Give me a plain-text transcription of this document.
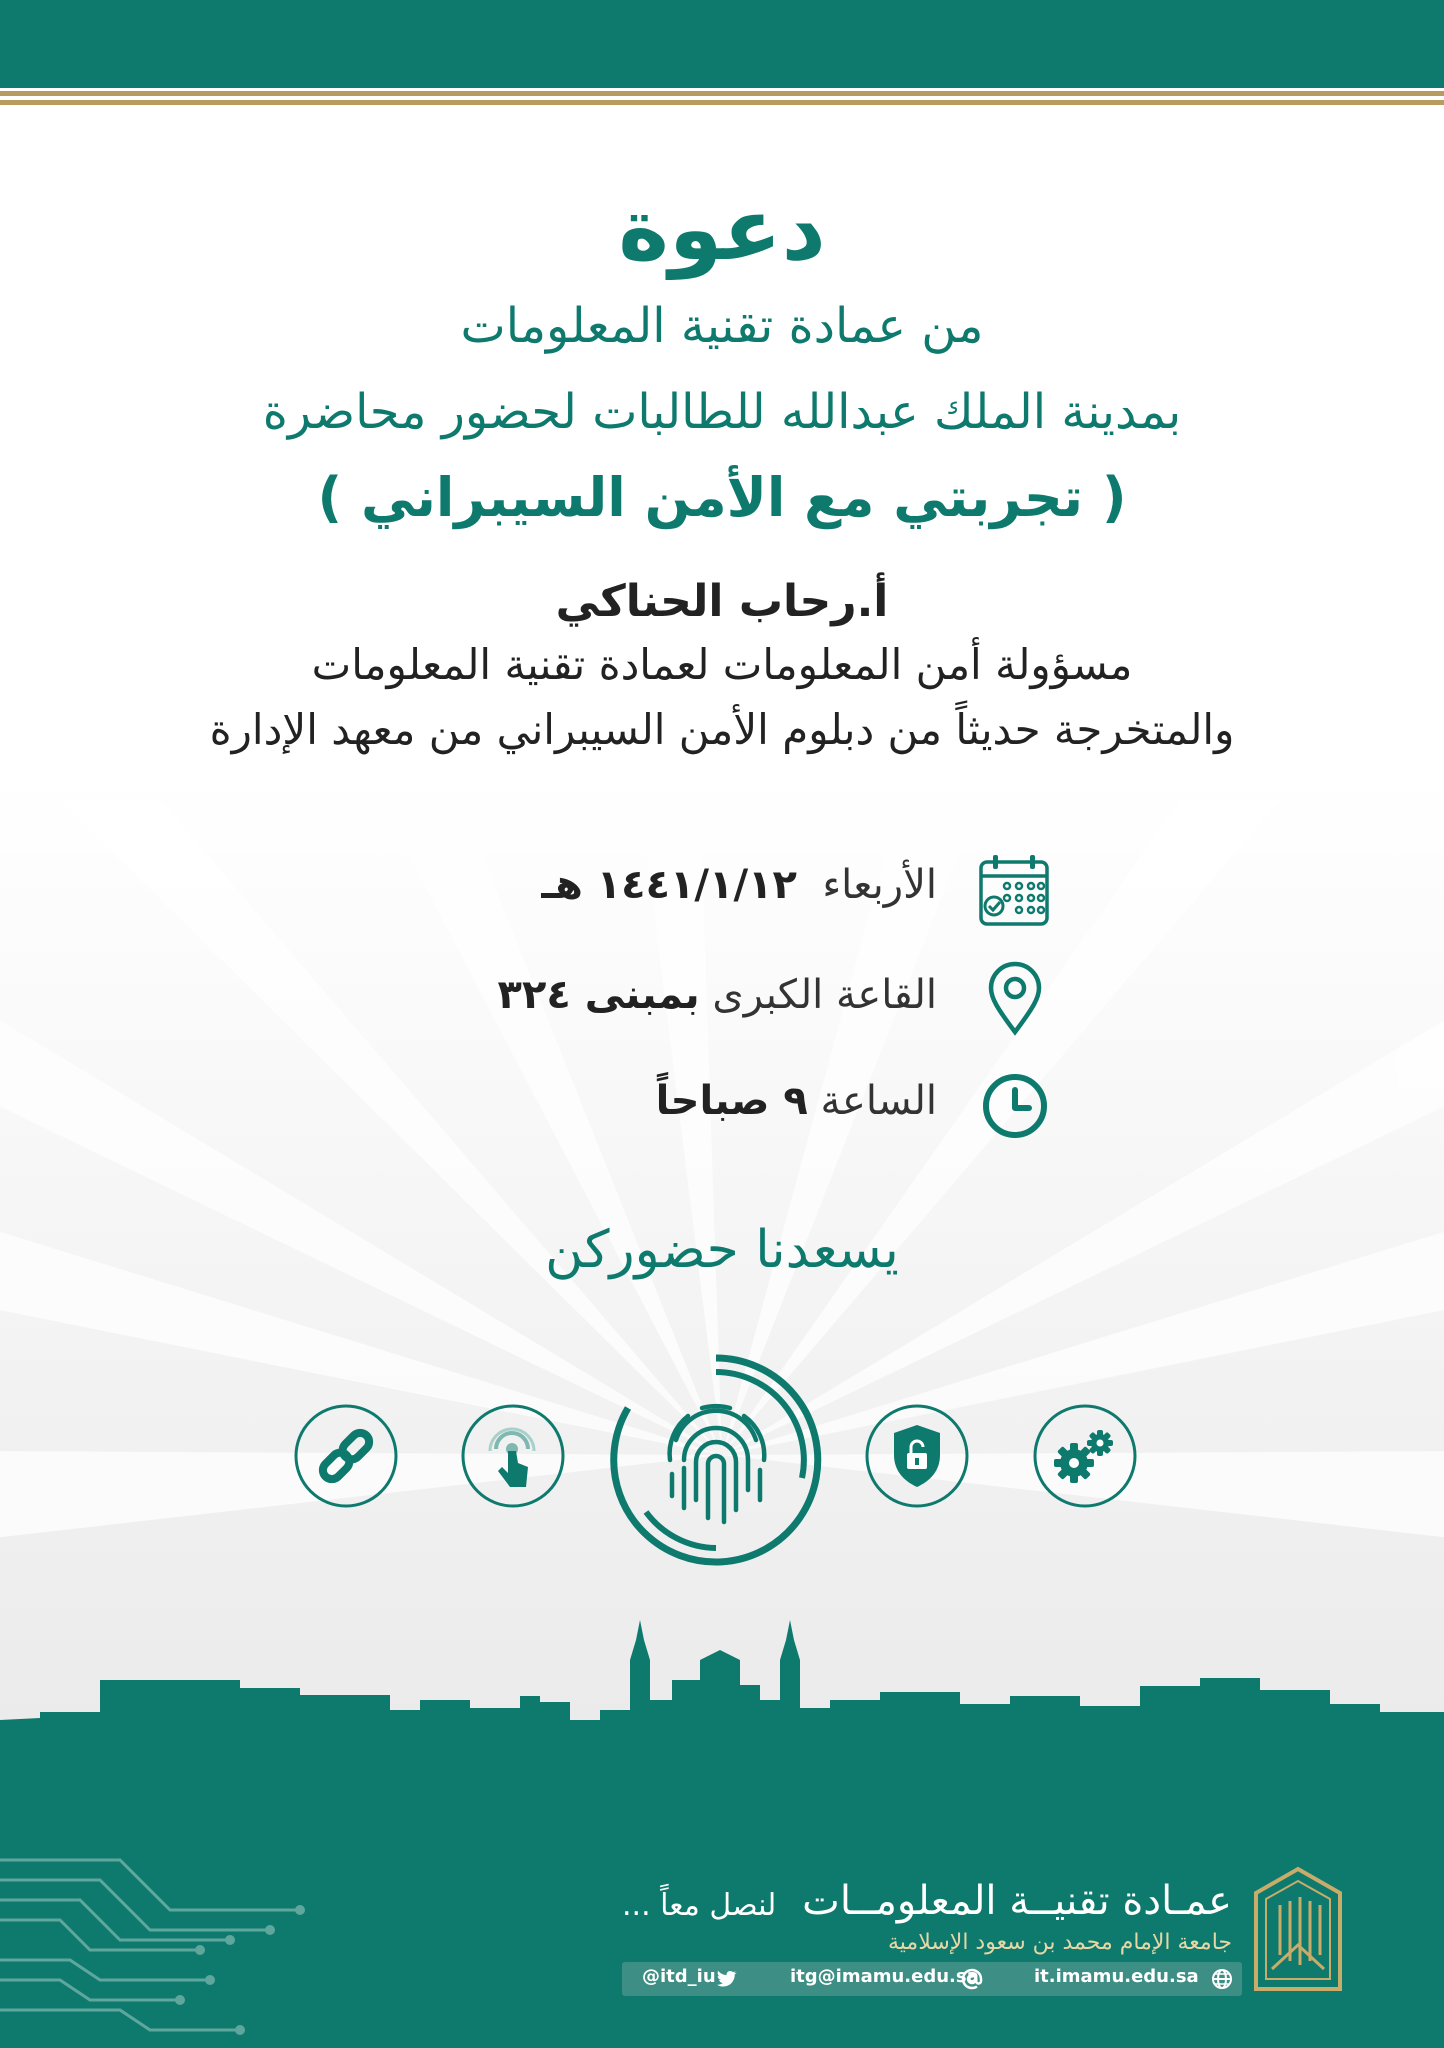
دعوة
من عمادة تقنية المعلومات
بمدينة الملك عبدالله للطالبات لحضور محاضرة
( تجربتي مع الأمن السيبراني )
أ.رحاب الحناكي
مسؤولة أمن المعلومات لعمادة تقنية المعلومات
والمتخرجة حديثاً من دبلوم الأمن السيبراني من معهد الإدارة
الأربعاء  ١٤٤١/١/١٢ هـ
القاعة الكبرى بمبنى ٣٢٤
الساعة ٩ صباحاً
يسعدنا حضوركن
عمـادة تقنيــة المعلومــات
جامعة الإمام محمد بن سعود الإسلامية
لنصل معاً ...
@itd_iu	itg@imamu.edu.sa	it.imamu.edu.sa
